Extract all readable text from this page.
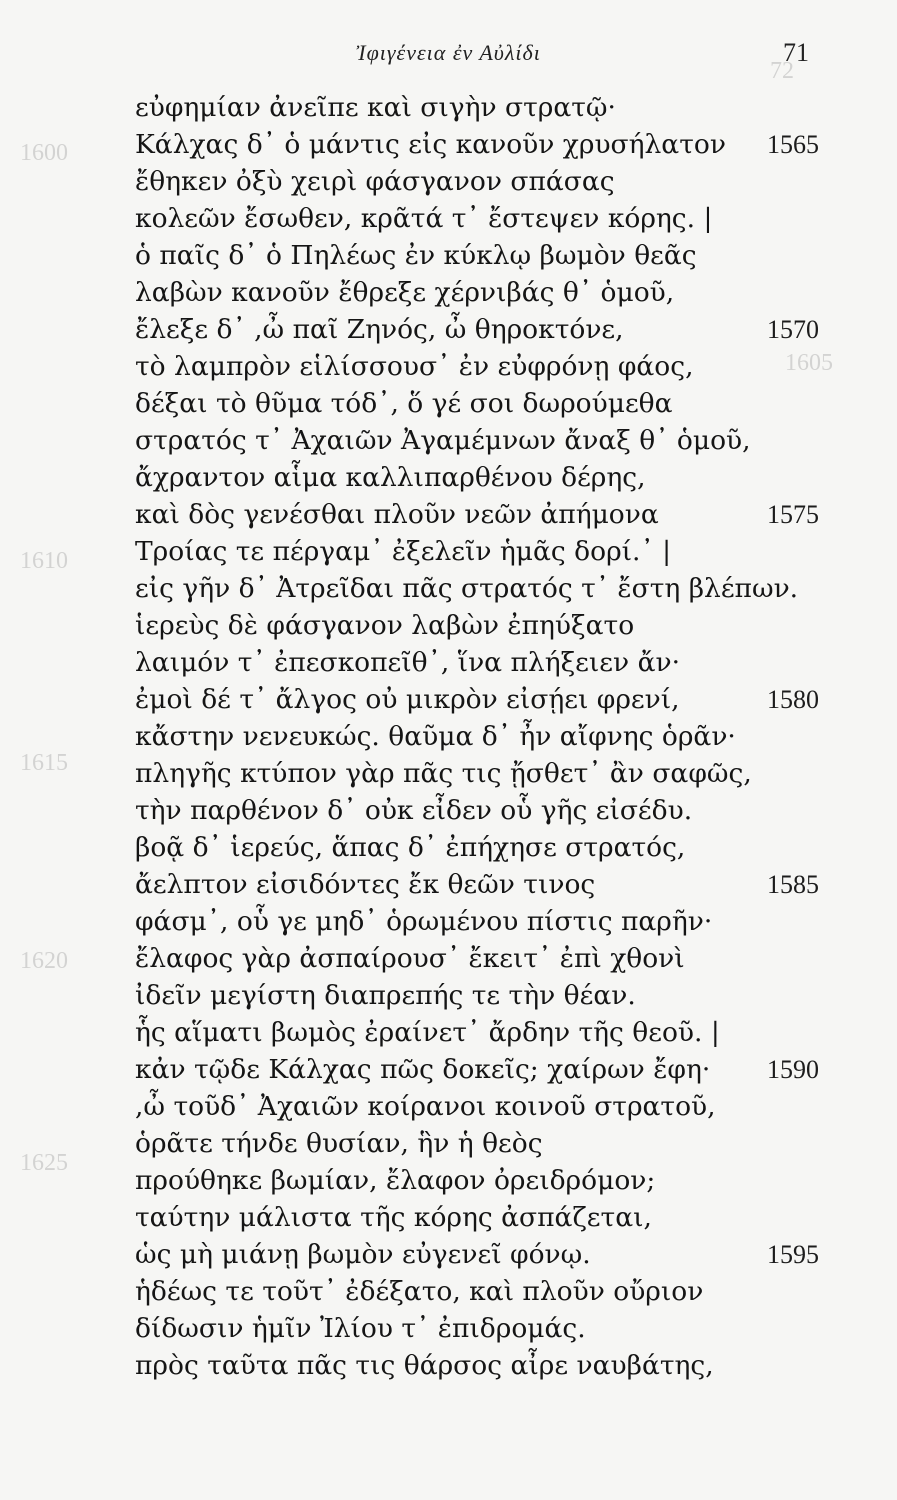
1600
1605
1610
1615
1620
1625
72
Ἰφιγένεια ἐν Αὐλίδι	71
εὐφημίαν ἀνεῖπε καὶ σιγὴν στρατῷ·
Κάλχας δ᾿ ὁ μάντις εἰς κανοῦν χρυσήλατον 1565
ἔθηκεν ὀξὺ χειρὶ φάσγανον σπάσας
κολεῶν ἔσωθεν, κρᾶτά τ᾿ ἔστεψεν κόρης. |
ὁ παῖς δ᾿ ὁ Πηλέως ἐν κύκλῳ βωμὸν θεᾶς
λαβὼν κανοῦν ἔθρεξε χέρνιβάς θ᾿ ὁμοῦ,
ἔλεξε δ᾿ ,ὦ παῖ Ζηνός, ὦ θηροκτόνε,	1570
τὸ λαμπρὸν εἱλίσσουσ᾿ ἐν εὐφρόνῃ φάος,
δέξαι τὸ θῦμα τόδ᾿, ὅ γέ σοι δωρούμεθα
στρατός τ᾿ Ἀχαιῶν Ἀγαμέμνων ἄναξ θ᾿ ὁμοῦ,
ἄχραντον αἷμα καλλιπαρθένου δέρης,
καὶ δὸς γενέσθαι πλοῦν νεῶν ἀπήμονα	1575
Τροίας τε πέργαμ᾿ ἐξελεῖν ἡμᾶς δορί.᾿ |
εἰς γῆν δ᾿ Ἀτρεῖδαι πᾶς στρατός τ᾿ ἔστη βλέπων.
ἱερεὺς δὲ φάσγανον λαβὼν ἐπηύξατο
λαιμόν τ᾿ ἐπεσκοπεῖθ᾿, ἵνα πλήξειεν ἄν·
ἐμοὶ δέ τ᾿ ἄλγος οὐ μικρὸν εἰσῄει φρενί,	1580
κἄστην νενευκώς. θαῦμα δ᾿ ἦν αἴφνης ὁρᾶν·
πληγῆς κτύπον γὰρ πᾶς τις ᾔσθετ᾿ ἂν σαφῶς,
τὴν παρθένον δ᾿ οὐκ εἶδεν οὗ γῆς εἰσέδυ.
βοᾷ δ᾿ ἱερεύς, ἅπας δ᾿ ἐπήχησε στρατός,
ἄελπτον εἰσιδόντες ἔκ θεῶν τινος	1585
φάσμ᾿, οὗ γε μηδ᾿ ὁρωμένου πίστις παρῆν·
ἔλαφος γὰρ ἀσπαίρουσ᾿ ἔκειτ᾿ ἐπὶ χθονὶ
ἰδεῖν μεγίστη διαπρεπής τε τὴν θέαν.
ἧς αἵματι βωμὸς ἐραίνετ᾿ ἄρδην τῆς θεοῦ. |
κἀν τῷδε Κάλχας πῶς δοκεῖς; χαίρων ἔφη· 1590
,ὦ τοῦδ᾿ Ἀχαιῶν κοίρανοι κοινοῦ στρατοῦ,
ὁρᾶτε τήνδε θυσίαν, ἣν ἡ θεὸς
προύθηκε βωμίαν, ἔλαφον ὀρειδρόμον;
ταύτην μάλιστα τῆς κόρης ἀσπάζεται,
ὡς μὴ μιάνῃ βωμὸν εὐγενεῖ φόνῳ.	1595
ἡδέως τε τοῦτ᾿ ἐδέξατο, καὶ πλοῦν οὔριον
δίδωσιν ἡμῖν Ἰλίου τ᾿ ἐπιδρομάς.
πρὸς ταῦτα πᾶς τις θάρσος αἶρε ναυβάτης,
